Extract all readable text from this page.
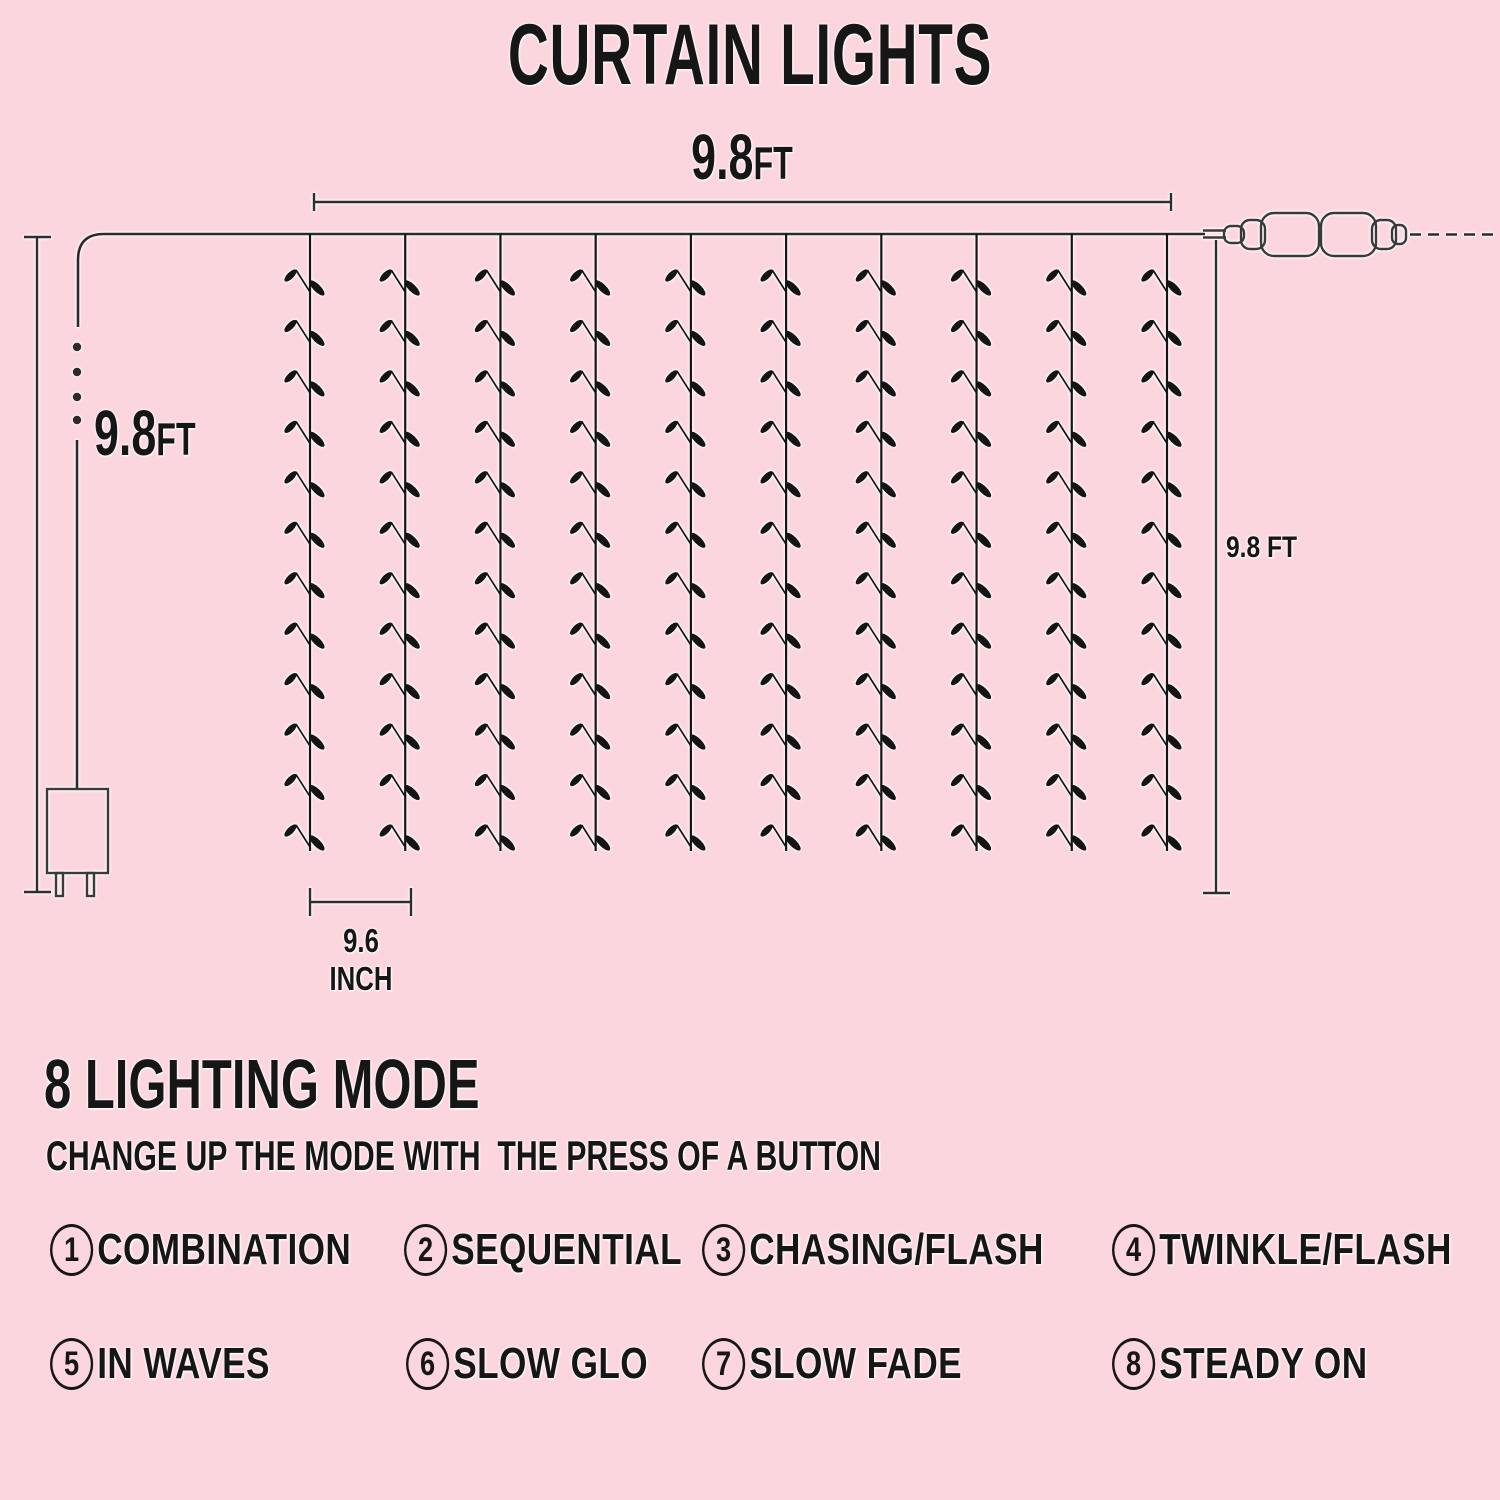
CURTAIN LIGHTS
9.8FT
9.8FT
9.8 FT
9.6 INCH
8 LIGHTING MODE
CHANGE UP THE MODE WITH  THE PRESS OF A BUTTON
1 COMBINATION	2 SEQUENTIAL 3 CHASING/FLASH	4 TWINKLE/FLASH
5 IN WAVES	6 SLOW GLO	7 SLOW FADE	8 STEADY ON
